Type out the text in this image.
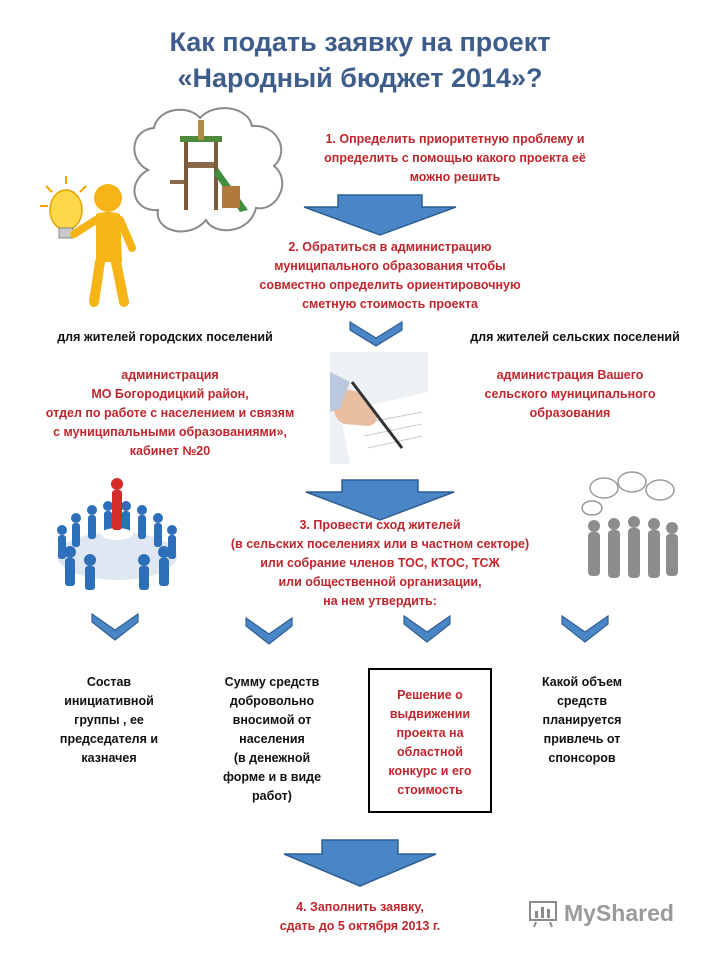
Как подать заявку на проект
«Народный бюджет 2014»?
1. Определить приоритетную проблему и
определить с помощью какого проекта её
можно решить
2. Обратиться в администрацию
муниципального образования чтобы
совместно определить ориентировочную
сметную стоимость проекта
для жителей городских поселений	для жителей сельских поселений
администрация
МО Богородицкий район,
отдел по работе с населением и связям
с муниципальными образованиями»,
кабинет №20
администрация Вашего
сельского муниципального
образования
3. Провести сход жителей
(в сельских поселениях или в частном секторе)
или собрание членов ТОС, КТОС, ТСЖ
или общественной организации,
на нем утвердить:
Состав
инициативной
группы , ее
председателя и
казначея
Сумму средств
добровольно
вносимой от
населения
(в денежной
форме и в виде
работ)
Решение о
выдвижении
проекта на
областной
конкурс и его
стоимость
Какой объем
средств
планируется
привлечь от
спонсоров
4. Заполнить заявку,
сдать до 5 октября 2013 г.	MyShared
